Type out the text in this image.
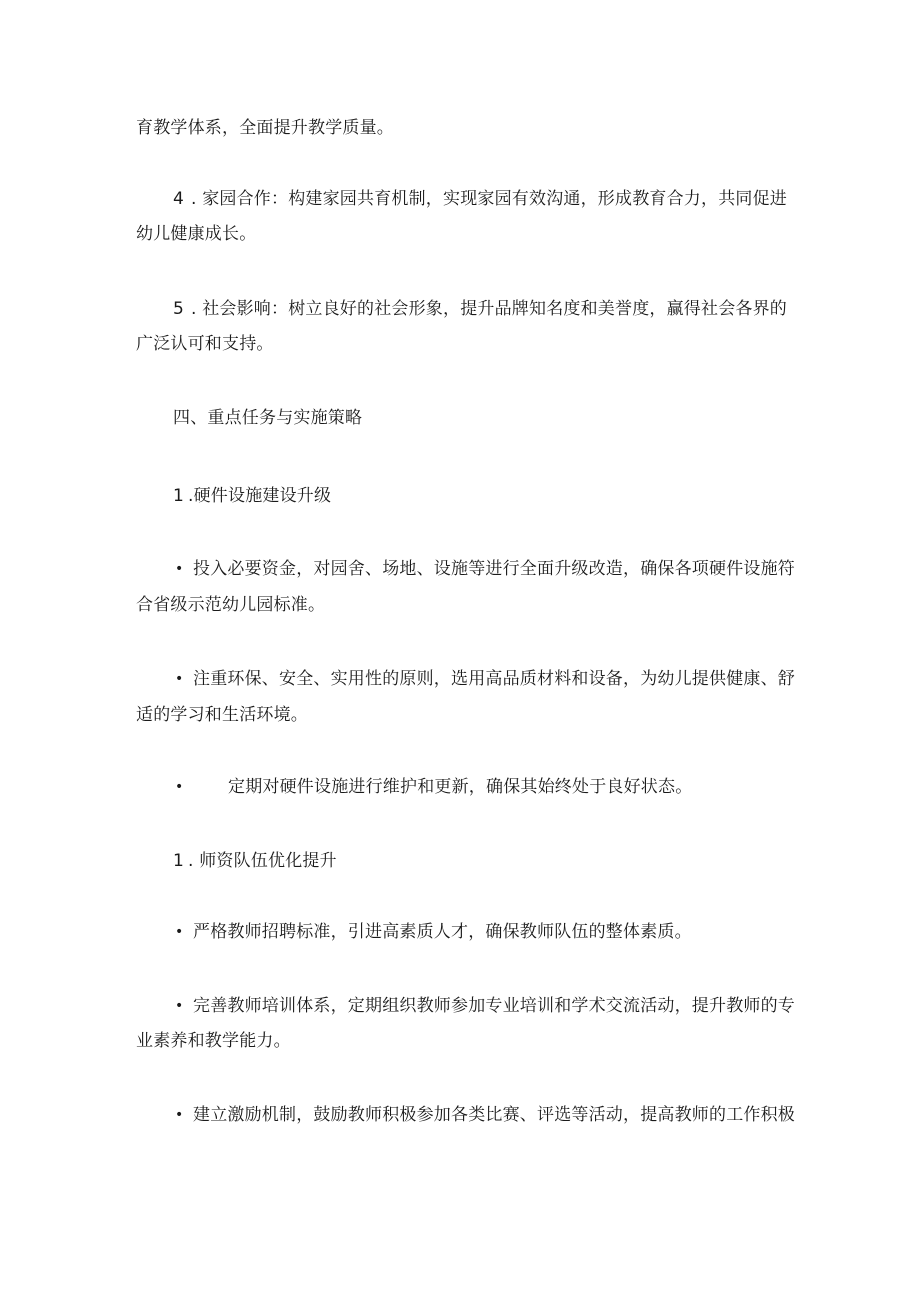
育教学体系，全面提升教学质量。
4 . 家园合作：构建家园共育机制，实现家园有效沟通，形成教育合力，共同促进
幼儿健康成长。
5 . 社会影响：树立良好的社会形象，提升品牌知名度和美誉度，赢得社会各界的
广泛认可和支持。
四、重点任务与实施策略
1 .硬件设施建设升级
• 投入必要资金，对园舍、场地、设施等进行全面升级改造，确保各项硬件设施符
合省级示范幼儿园标准。
• 注重环保、安全、实用性的原则，选用高品质材料和设备，为幼儿提供健康、舒
适的学习和生活环境。
•	定期对硬件设施进行维护和更新，确保其始终处于良好状态。
1 . 师资队伍优化提升
• 严格教师招聘标准，引进高素质人才，确保教师队伍的整体素质。
• 完善教师培训体系，定期组织教师参加专业培训和学术交流活动，提升教师的专
业素养和教学能力。
• 建立激励机制，鼓励教师积极参加各类比赛、评选等活动，提高教师的工作积极
